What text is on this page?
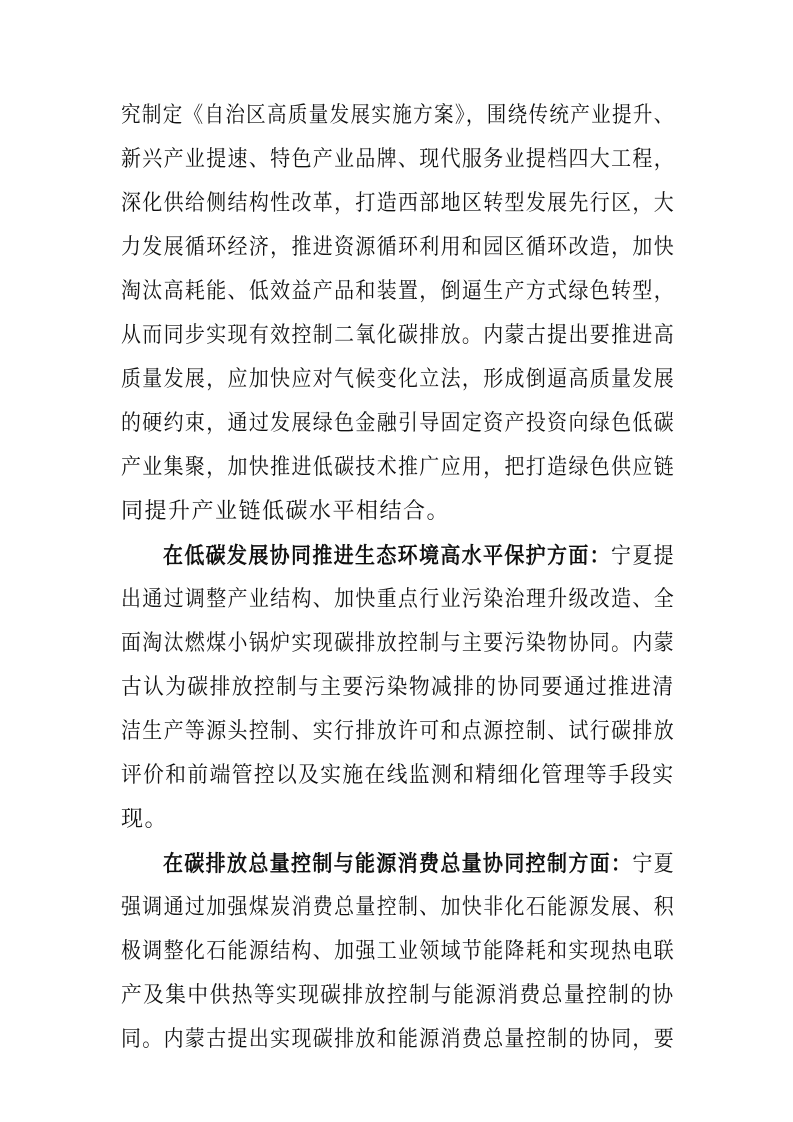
究制定《自治区高质量发展实施方案》，围绕传统产业提升、
新兴产业提速、特色产业品牌、现代服务业提档四大工程，
深化供给侧结构性改革，打造西部地区转型发展先行区，大
力发展循环经济，推进资源循环利用和园区循环改造，加快
淘汰高耗能、低效益产品和装置，倒逼生产方式绿色转型，
从而同步实现有效控制二氧化碳排放。内蒙古提出要推进高
质量发展，应加快应对气候变化立法，形成倒逼高质量发展
的硬约束，通过发展绿色金融引导固定资产投资向绿色低碳
产业集聚，加快推进低碳技术推广应用，把打造绿色供应链
同提升产业链低碳水平相结合。
在低碳发展协同推进生态环境高水平保护方面：宁夏提
出通过调整产业结构、加快重点行业污染治理升级改造、全
面淘汰燃煤小锅炉实现碳排放控制与主要污染物协同。内蒙
古认为碳排放控制与主要污染物减排的协同要通过推进清
洁生产等源头控制、实行排放许可和点源控制、试行碳排放
评价和前端管控以及实施在线监测和精细化管理等手段实
现。
在碳排放总量控制与能源消费总量协同控制方面：宁夏
强调通过加强煤炭消费总量控制、加快非化石能源发展、积
极调整化石能源结构、加强工业领域节能降耗和实现热电联
产及集中供热等实现碳排放控制与能源消费总量控制的协
同。内蒙古提出实现碳排放和能源消费总量控制的协同，要
